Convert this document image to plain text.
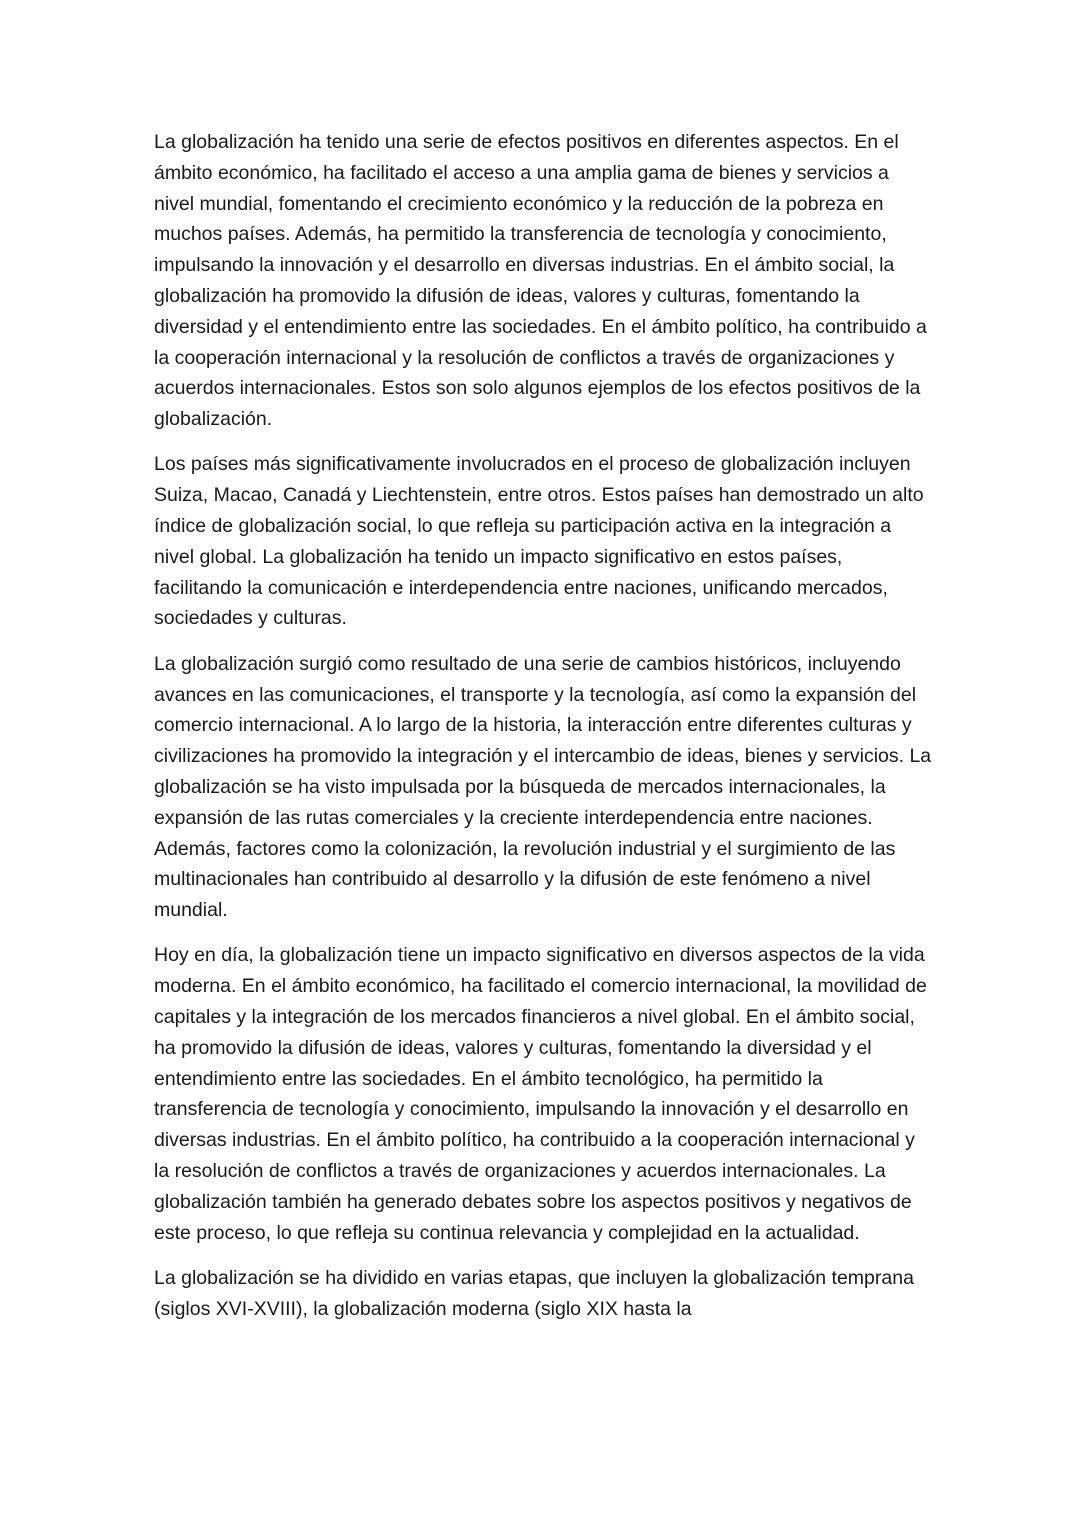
La globalización ha tenido una serie de efectos positivos en diferentes aspectos. En el ámbito económico, ha facilitado el acceso a una amplia gama de bienes y servicios a nivel mundial, fomentando el crecimiento económico y la reducción de la pobreza en muchos países. Además, ha permitido la transferencia de tecnología y conocimiento, impulsando la innovación y el desarrollo en diversas industrias. En el ámbito social, la globalización ha promovido la difusión de ideas, valores y culturas, fomentando la diversidad y el entendimiento entre las sociedades. En el ámbito político, ha contribuido a la cooperación internacional y la resolución de conflictos a través de organizaciones y acuerdos internacionales. Estos son solo algunos ejemplos de los efectos positivos de la globalización.

Los países más significativamente involucrados en el proceso de globalización incluyen Suiza, Macao, Canadá y Liechtenstein, entre otros. Estos países han demostrado un alto índice de globalización social, lo que refleja su participación activa en la integración a nivel global. La globalización ha tenido un impacto significativo en estos países, facilitando la comunicación e interdependencia entre naciones, unificando mercados, sociedades y culturas.

La globalización surgió como resultado de una serie de cambios históricos, incluyendo avances en las comunicaciones, el transporte y la tecnología, así como la expansión del comercio internacional. A lo largo de la historia, la interacción entre diferentes culturas y civilizaciones ha promovido la integración y el intercambio de ideas, bienes y servicios. La globalización se ha visto impulsada por la búsqueda de mercados internacionales, la expansión de las rutas comerciales y la creciente interdependencia entre naciones. Además, factores como la colonización, la revolución industrial y el surgimiento de las multinacionales han contribuido al desarrollo y la difusión de este fenómeno a nivel mundial.

Hoy en día, la globalización tiene un impacto significativo en diversos aspectos de la vida moderna. En el ámbito económico, ha facilitado el comercio internacional, la movilidad de capitales y la integración de los mercados financieros a nivel global. En el ámbito social, ha promovido la difusión de ideas, valores y culturas, fomentando la diversidad y el entendimiento entre las sociedades. En el ámbito tecnológico, ha permitido la transferencia de tecnología y conocimiento, impulsando la innovación y el desarrollo en diversas industrias. En el ámbito político, ha contribuido a la cooperación internacional y la resolución de conflictos a través de organizaciones y acuerdos internacionales. La globalización también ha generado debates sobre los aspectos positivos y negativos de este proceso, lo que refleja su continua relevancia y complejidad en la actualidad.

La globalización se ha dividido en varias etapas, que incluyen la globalización temprana (siglos XVI-XVIII), la globalización moderna (siglo XIX hasta la
